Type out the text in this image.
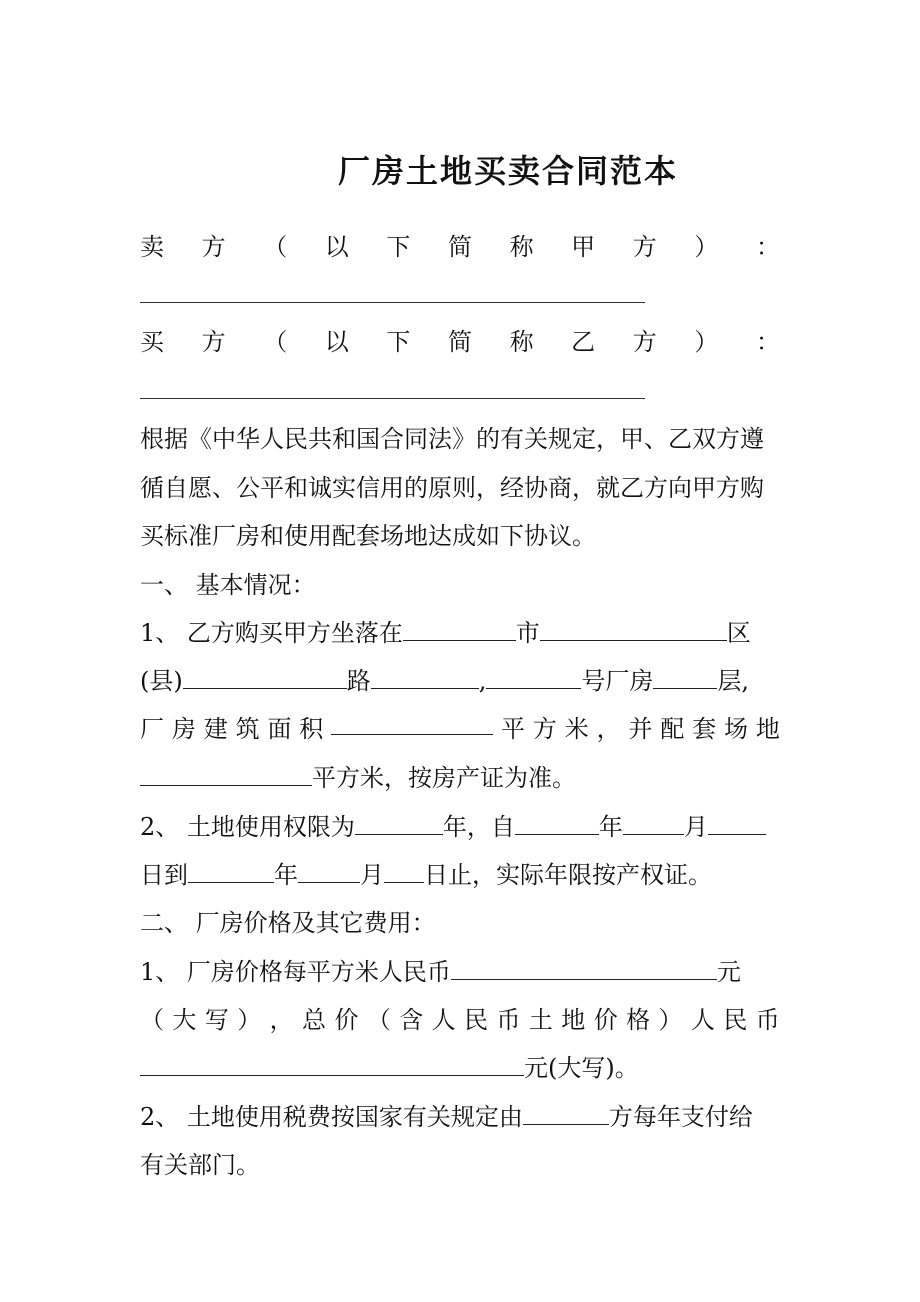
厂房土地买卖合同范本
卖 方 （ 以 下 简 称 甲 方 ） ：
买 方 （ 以 下 简 称 乙 方 ） ：
根据《中华人民共和国合同法》的有关规定，甲、乙双方遵
循自愿、公平和诚实信用的原则，经协商，就乙方向甲方购
买标准厂房和使用配套场地达成如下协议。
一、 基本情况：
1、 乙方购买甲方坐落在	市	区
(县)	路	,	号厂房	层,
厂 房 建 筑 面 积	平 方 米 ， 并 配 套 场 地
平方米，按房产证为准。
2、 土地使用权限为	年，自	年	月
日到	年	月 日止，实际年限按产权证。
二、 厂房价格及其它费用：
1、 厂房价格每平方米人民币	元
（ 大 写 ） ， 总 价 （ 含 人 民 币 土 地 价 格 ） 人 民 币
元(大写)。
2、 土地使用税费按国家有关规定由	方每年支付给
有关部门。
